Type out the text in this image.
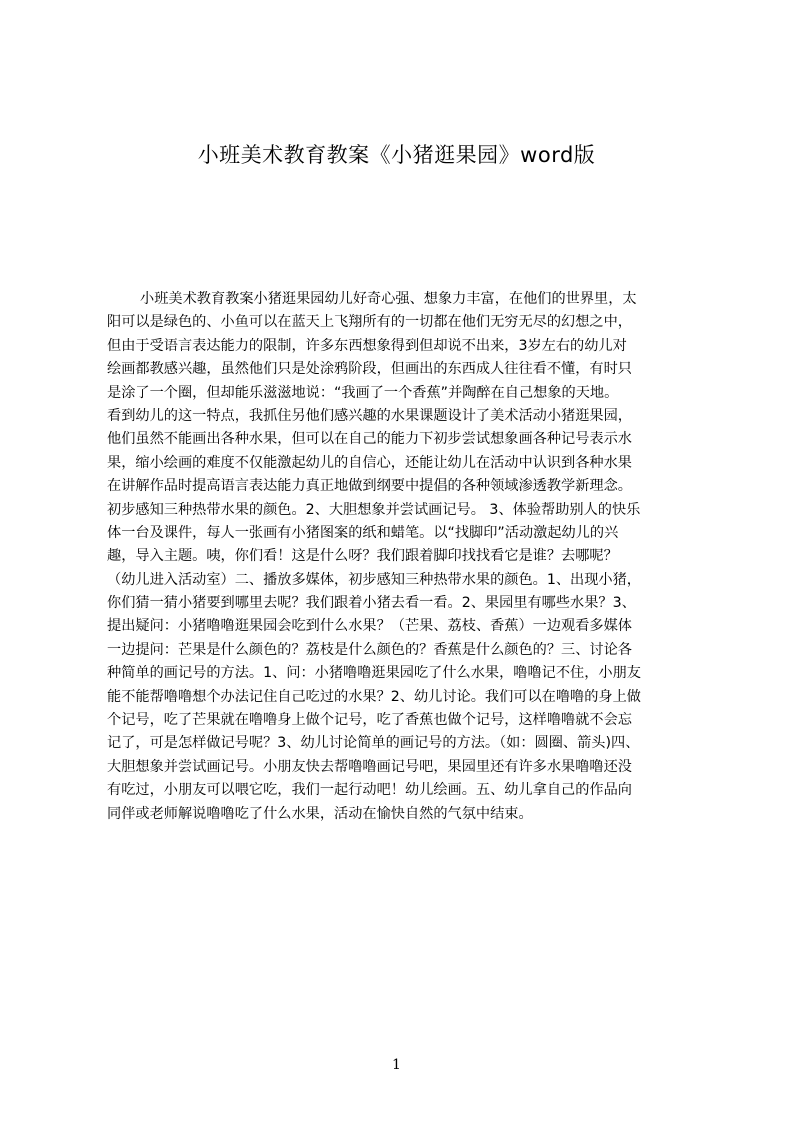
小班美术教育教案《小猪逛果园》word版
小班美术教育教案小猪逛果园幼儿好奇心强、想象力丰富，在他们的世界里，太
阳可以是绿色的、小鱼可以在蓝天上飞翔所有的一切都在他们无穷无尽的幻想之中，
但由于受语言表达能力的限制，许多东西想象得到但却说不出来，3岁左右的幼儿对
绘画都教感兴趣，虽然他们只是处涂鸦阶段，但画出的东西成人往往看不懂，有时只
是涂了一个圈，但却能乐滋滋地说：“我画了一个香蕉”并陶醉在自己想象的天地。
看到幼儿的这一特点，我抓住另他们感兴趣的水果课题设计了美术活动小猪逛果园，
他们虽然不能画出各种水果，但可以在自己的能力下初步尝试想象画各种记号表示水
果，缩小绘画的难度不仅能激起幼儿的自信心，还能让幼儿在活动中认识到各种水果
在讲解作品时提高语言表达能力真正地做到纲要中提倡的各种领域渗透教学新理念。
初步感知三种热带水果的颜色。2、大胆想象并尝试画记号。 3、体验帮助别人的快乐
体一台及课件，每人一张画有小猪图案的纸和蜡笔。以“找脚印”活动激起幼儿的兴
趣，导入主题。咦，你们看！这是什么呀？我们跟着脚印找找看它是谁？去哪呢？
（幼儿进入活动室）二、播放多媒体，初步感知三种热带水果的颜色。1、出现小猪，
你们猜一猜小猪要到哪里去呢？我们跟着小猪去看一看。2、果园里有哪些水果？3、
提出疑问：小猪噜噜逛果园会吃到什么水果？（芒果、荔枝、香蕉）一边观看多媒体
一边提问：芒果是什么颜色的？荔枝是什么颜色的？香蕉是什么颜色的？三、讨论各
种简单的画记号的方法。1、问：小猪噜噜逛果园吃了什么水果，噜噜记不住，小朋友
能不能帮噜噜想个办法记住自己吃过的水果？2、幼儿讨论。我们可以在噜噜的身上做
个记号，吃了芒果就在噜噜身上做个记号，吃了香蕉也做个记号，这样噜噜就不会忘
记了，可是怎样做记号呢？3、幼儿讨论简单的画记号的方法。（如：圆圈、箭头)四、
大胆想象并尝试画记号。小朋友快去帮噜噜画记号吧，果园里还有许多水果噜噜还没
有吃过，小朋友可以喂它吃，我们一起行动吧！幼儿绘画。五、幼儿拿自己的作品向
同伴或老师解说噜噜吃了什么水果，活动在愉快自然的气氛中结束。
1
